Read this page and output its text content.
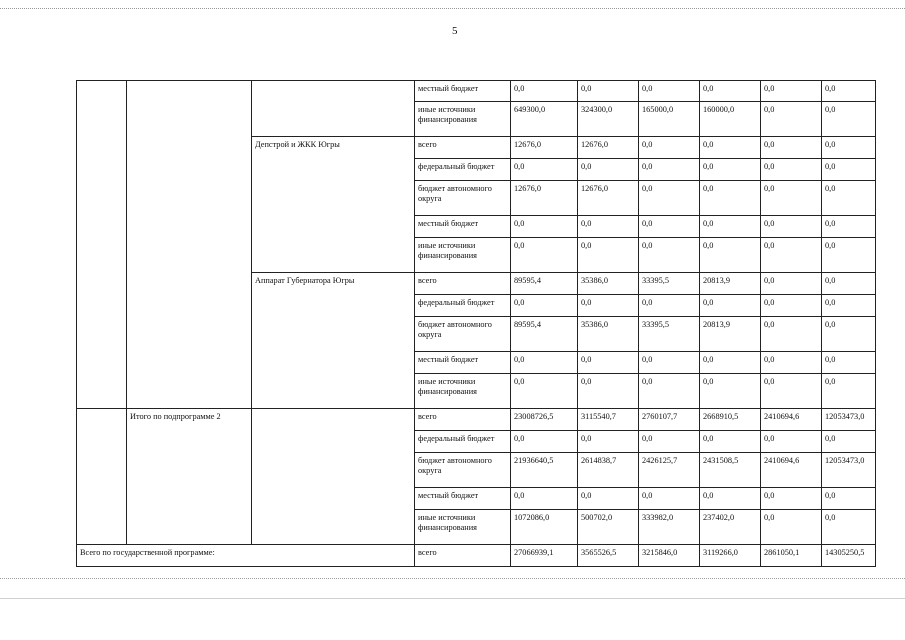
5
			местный бюджет	0,0	0,0	0,0	0,0	0,0	0,0
			иные источники финансирования	649300,0	324300,0	165000,0	160000,0	0,0	0,0
		Депстрой и ЖКК Югры	всего	12676,0	12676,0	0,0	0,0	0,0	0,0
			федеральный бюджет	0,0	0,0	0,0	0,0	0,0	0,0
			бюджет автономного округа	12676,0	12676,0	0,0	0,0	0,0	0,0
			местный бюджет	0,0	0,0	0,0	0,0	0,0	0,0
			иные источники финансирования	0,0	0,0	0,0	0,0	0,0	0,0
		Аппарат Губернатора Югры	всего	89595,4	35386,0	33395,5	20813,9	0,0	0,0
			федеральный бюджет	0,0	0,0	0,0	0,0	0,0	0,0
			бюджет автономного округа	89595,4	35386,0	33395,5	20813,9	0,0	0,0
			местный бюджет	0,0	0,0	0,0	0,0	0,0	0,0
			иные источники финансирования	0,0	0,0	0,0	0,0	0,0	0,0
	Итого по подпрограмме 2		всего	23008726,5	3115540,7	2760107,7	2668910,5	2410694,6	12053473,0
			федеральный бюджет	0,0	0,0	0,0	0,0	0,0	0,0
			бюджет автономного округа	21936640,5	2614838,7	2426125,7	2431508,5	2410694,6	12053473,0
			местный бюджет	0,0	0,0	0,0	0,0	0,0	0,0
			иные источники финансирования	1072086,0	500702,0	333982,0	237402,0	0,0	0,0
Всего по государственной программе:			всего	27066939,1	3565526,5	3215846,0	3119266,0	2861050,1	14305250,5
